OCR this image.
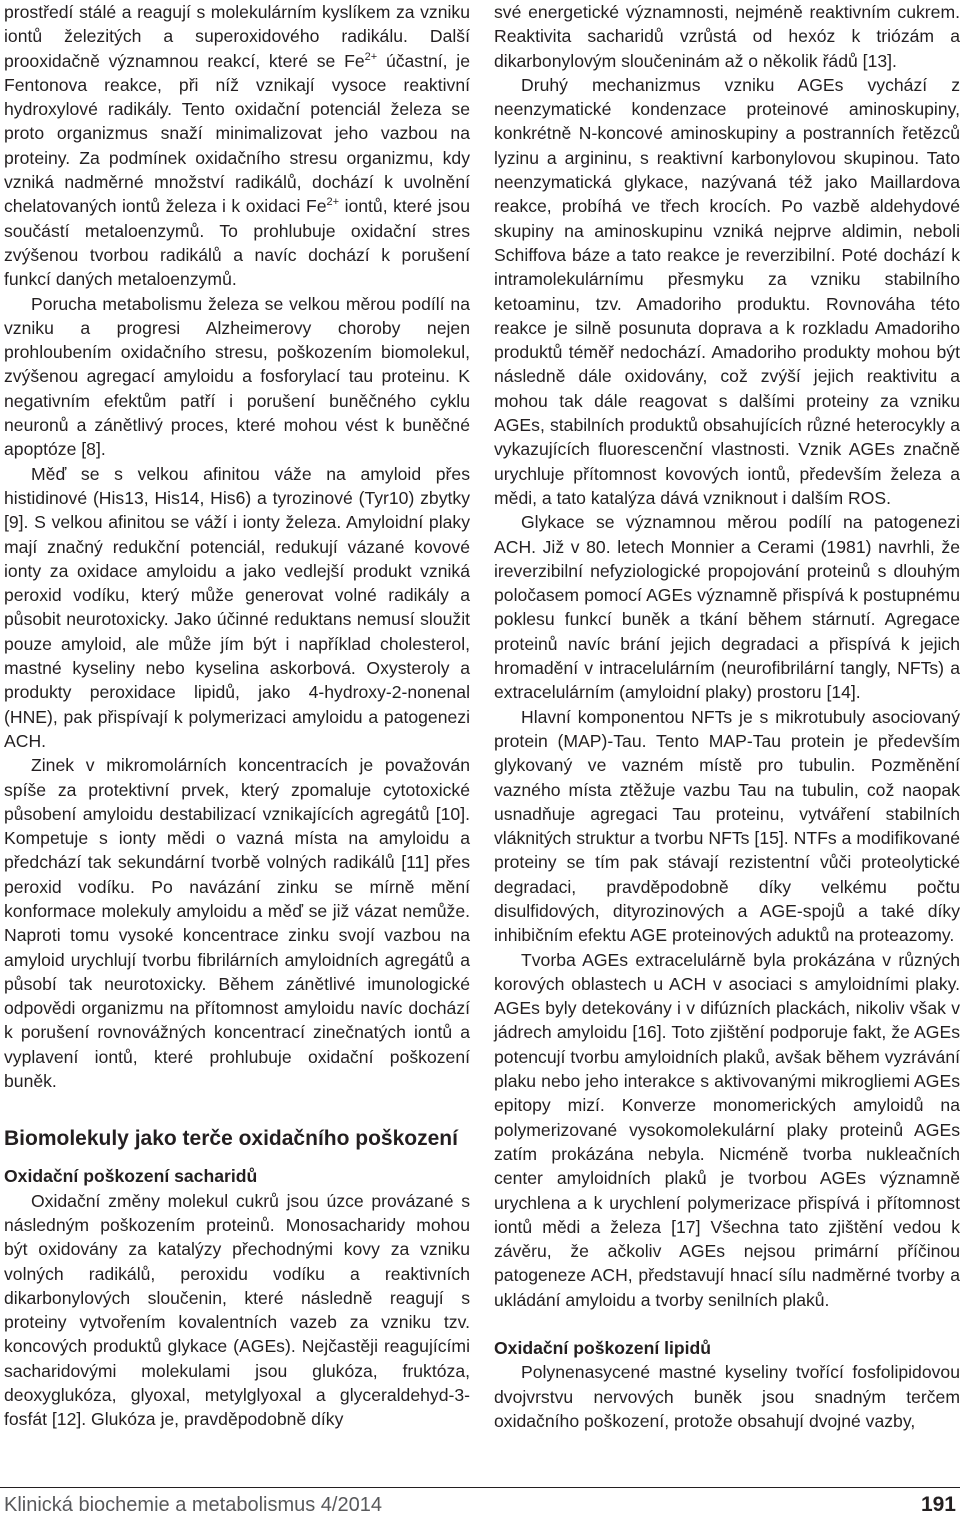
prostředí stálé a reagují s molekulárním kyslíkem za vzniku iontů železitých a superoxidového radikálu. Další prooxidačně významnou reakcí, které se $Fe^{2+}$ účastní, je Fentonova reakce, při níž vznikají vysoce reaktivní hydroxylové radikály. Tento oxidační potenciál železa se proto organizmus snaží minimalizovat jeho vazbou na proteiny. Za podmínek oxidačního stresu organizmu, kdy vzniká nadměrné množství radikálů, dochází k uvolnění chelatovaných iontů železa i k oxidaci $Fe^{2+}$ iontů, které jsou součástí metaloenzymů. To prohlubuje oxidační stres zvýšenou tvorbou radikálů a navíc dochází k porušení funkcí daných metaloenzymů.

Porucha metabolismu železa se velkou měrou podílí na vzniku a progresi Alzheimerovy choroby nejen prohloubením oxidačního stresu, poškozením biomolekul, zvýšenou agregací amyloidu a fosforylací tau proteinu. K negativním efektům patří i porušení buněčného cyklu neuronů a zánětlivý proces, které mohou vést k buněčné apoptóze [8].

Měď se s velkou afinitou váže na amyloid přes histidinové (His13, His14, His6) a tyrozinové (Tyr10) zbytky [9]. S velkou afinitou se váží i ionty železa. Amyloidní plaky mají značný redukční potenciál, redukují vázané kovové ionty za oxidace amyloidu a jako vedlejší produkt vzniká peroxid vodíku, který může generovat volné radikály a působit neurotoxicky. Jako účinné reduktans nemusí sloužit pouze amyloid, ale může jím být i například cholesterol, mastné kyseliny nebo kyselina askorbová. Oxysteroly a produkty peroxidace lipidů, jako 4-hydroxy-2-nonenal (HNE), pak přispívají k polymerizaci amyloidu a patogenezi ACH.

Zinek v mikromolárních koncentracích je považován spíše za protektivní prvek, který zpomaluje cytotoxické působení amyloidu destabilizací vznikajících agregátů [10]. Kompetuje s ionty mědi o vazná místa na amyloidu a předchází tak sekundární tvorbě volných radikálů [11] přes peroxid vodíku. Po navázání zinku se mírně mění konformace molekuly amyloidu a měď se již vázat nemůže. Naproti tomu vysoké koncentrace zinku svojí vazbou na amyloid urychlují tvorbu fibrilárních amyloidních agregátů a působí tak neurotoxicky. Během zánětlivé imunologické odpovědi organizmu na přítomnost amyloidu navíc dochází k porušení rovnovážných koncentrací zinečnatých iontů a vyplavení iontů, které prohlubuje oxidační poškození buněk.

Biomolekuly jako terče oxidačního poškození
Oxidační poškození sacharidů

Oxidační změny molekul cukrů jsou úzce provázané s následným poškozením proteinů. Monosacharidy mohou být oxidovány za katalýzy přechodnými kovy za vzniku volných radikálů, peroxidu vodíku a reaktivních dikarbonylových sloučenin, které následně reagují s proteiny vytvořením kovalentních vazeb za vzniku tzv. koncových produktů glykace (AGEs). Nejčastěji reagujícími sacharidovými molekulami jsou glukóza, fruktóza, deoxyglukóza, glyoxal, metylglyoxal a glyceraldehyd-3-fosfát [12]. Glukóza je, pravděpodobně díky

své energetické významnosti, nejméně reaktivním cukrem. Reaktivita sacharidů vzrůstá od hexóz k triózám a dikarbonylovým sloučeninám až o několik řádů [13].

Druhý mechanizmus vzniku AGEs vychází z neenzymatické kondenzace proteinové aminoskupiny, konkrétně N-koncové aminoskupiny a postranních řetězců lyzinu a argininu, s reaktivní karbonylovou skupinou. Tato neenzymatická glykace, nazývaná též jako Maillardova reakce, probíhá ve třech krocích. Po vazbě aldehydové skupiny na aminoskupinu vzniká nejprve aldimin, neboli Schiffova báze a tato reakce je reverzibilní. Poté dochází k intramolekulárnímu přesmyku za vzniku stabilního ketoaminu, tzv. Amadoriho produktu. Rovnováha této reakce je silně posunuta doprava a k rozkladu Amadoriho produktů téměř nedochází. Amadoriho produkty mohou být následně dále oxidovány, což zvýší jejich reaktivitu a mohou tak dále reagovat s dalšími proteiny za vzniku AGEs, stabilních produktů obsahujících různé heterocykly a vykazujících fluorescenční vlastnosti. Vznik AGEs značně urychluje přítomnost kovových iontů, především železa a mědi, a tato katalýza dává vzniknout i dalším ROS.

Glykace se významnou měrou podílí na patogenezi ACH. Již v 80. letech Monnier a Cerami (1981) navrhli, že ireverzibilní nefyziologické propojování proteinů s dlouhým poločasem pomocí AGEs významně přispívá k postupnému poklesu funkcí buněk a tkání během stárnutí. Agregace proteinů navíc brání jejich degradaci a přispívá k jejich hromadění v intracelulárním (neurofibrilární tangly, NFTs) a extracelulárním (amyloidní plaky) prostoru [14].

Hlavní komponentou NFTs je s mikrotubuly asociovaný protein (MAP)-Tau. Tento MAP-Tau protein je především glykovaný ve vazném místě pro tubulin. Pozměnění vazného místa ztěžuje vazbu Tau na tubulin, což naopak usnadňuje agregaci Tau proteinu, vytváření stabilních vláknitých struktur a tvorbu NFTs [15]. NTFs a modifikované proteiny se tím pak stávají rezistentní vůči proteolytické degradaci, pravděpodobně díky velkému počtu disulfidových, dityrozinových a AGE-spojů a také díky inhibičním efektu AGE proteinových aduktů na proteazomy.

Tvorba AGEs extracelulárně byla prokázána v různých korových oblastech u ACH v asociaci s amyloidními plaky. AGEs byly detekovány i v difúzních plackách, nikoliv však v jádrech amyloidu [16]. Toto zjištění podporuje fakt, že AGEs potencují tvorbu amyloidních plaků, avšak během vyzrávání plaku nebo jeho interakce s aktivovanými mikrogliemi AGEs epitopy mizí. Konverze monomerických amyloidů na polymerizované vysokomolekulární plaky proteinů AGEs zatím prokázána nebyla. Nicméně tvorba nukleačních center amyloidních plaků je tvorbou AGEs významně urychlena a k urychlení polymerizace přispívá i přítomnost iontů mědi a železa [17] Všechna tato zjištění vedou k závěru, že ačkoliv AGEs nejsou primární příčinou patogeneze ACH, představují hnací sílu nadměrné tvorby a ukládání amyloidu a tvorby senilních plaků.

Oxidační poškození lipidů

Polynenasycené mastné kyseliny tvořící fosfolipidovou dvojvrstvu nervových buněk jsou snadným terčem oxidačního poškození, protože obsahují dvojné vazby,

Klinická biochemie a metabolismus 4/2014	191
